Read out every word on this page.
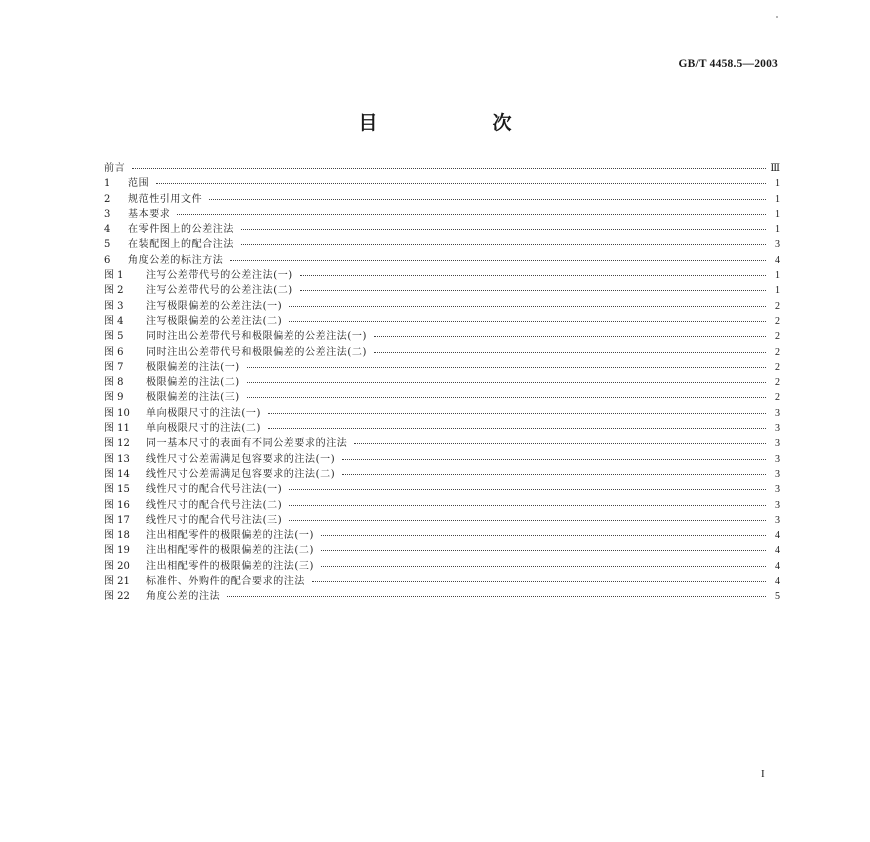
GB/T 4458.5—2003
目　次
前言	Ⅲ
1	范围	1
2	规范性引用文件	1
3	基本要求	1
4	在零件图上的公差注法	1
5	在装配图上的配合注法	3
6	角度公差的标注方法	4
图 1	注写公差带代号的公差注法(一)	1
图 2	注写公差带代号的公差注法(二)	1
图 3	注写极限偏差的公差注法(一)	2
图 4	注写极限偏差的公差注法(二)	2
图 5	同时注出公差带代号和极限偏差的公差注法(一)	2
图 6	同时注出公差带代号和极限偏差的公差注法(二)	2
图 7	极限偏差的注法(一)	2
图 8	极限偏差的注法(二)	2
图 9	极限偏差的注法(三)	2
图 10	单向极限尺寸的注法(一)	3
图 11	单向极限尺寸的注法(二)	3
图 12	同一基本尺寸的表面有不同公差要求的注法	3
图 13	线性尺寸公差需满足包容要求的注法(一)	3
图 14	线性尺寸公差需满足包容要求的注法(二)	3
图 15	线性尺寸的配合代号注法(一)	3
图 16	线性尺寸的配合代号注法(二)	3
图 17	线性尺寸的配合代号注法(三)	3
图 18	注出相配零件的极限偏差的注法(一)	4
图 19	注出相配零件的极限偏差的注法(二)	4
图 20	注出相配零件的极限偏差的注法(三)	4
图 21	标准件、外购件的配合要求的注法	4
图 22	角度公差的注法	5
I
